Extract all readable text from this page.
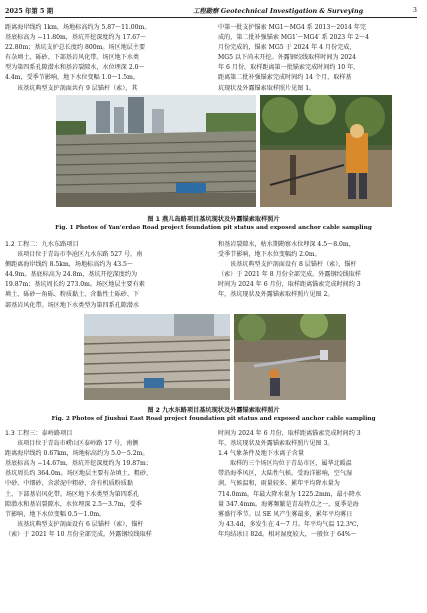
2025 年第 5 期	工程勘察 Geotechnical Investigation & Surveying	3

距离海岸线约 1km，场地标高约为 5.87～11.00m。

基底标高为 −11.80m，基坑开挖深度约为 17.67～

22.80m；基坑支护总长度约 800m。场区地层主要

有杂填土、砾砂、下部基岩风化带。场区地下水类

型为第四系孔隙潜水和基岩裂隙水，水位埋深 2.0～

4.4m，受季节影响，地下水位变幅 1.0～1.5m。

该基坑典型支护剖面共有 9 层锚杆（索），其

中第一批支护锚索 MG1～MG4 系 2013～2014 年完

成的，第二批补强锚索 MG1′～MG4′ 系 2023 年 2～4

月份完成的，锚索 MG5 于 2024 年 4 月份完成，

MG5 以下尚未开挖。外露钢绞线取样时间为 2024

年 6 月份，取样距离第一批锚索完成时间约 10 年，

距离第二批补强锚索完成时间约 14 个月，取样基

坑现状及外露锚索取样照片见图 1。

图 1 燕儿岛路项目基坑现状及外露锚索取样照片
Fig. 1 Photos of Yan'erdao Road project foundation pit status and exposed anchor cable sampling

1.2 工程二：九水东路项目

该项目位于青岛市李沧区九水东路 527 号，南

侧距离海岸线约 8.5km，场地标高约为 43.5～

44.9m。基底标高为 24.8m，基坑开挖深度约为

19.87m；基坑周长约 273.0m。场区地层主要有素

填土、砾砂～角砾、粉质黏土、含黏性土砾砂、下

部基岩风化带。场区地下水类型为第四系孔隙潜水

和基岩裂隙水，枯水期勘察水位埋深 4.5～8.0m，

受季节影响，地下水位变幅约 2.0m。

该基坑典型支护剖面设有 8 层锚杆（索），锚杆

（索）于 2021 年 8 月份全部完成。外露钢绞线取样

时间为 2024 年 6 月份，取样距离锚索完成时间约 3

年，基坑现状及外露锚索取样照片见图 2。

图 2 九水东路项目基坑现状及外露锚索取样照片
Fig. 2 Photos of Jiushui East Road project foundation pit status and exposed anchor cable sampling

1.3 工程三：泰岭路项目

该项目位于青岛市崂山区泰岭路 17 号，南侧

距离海岸线约 0.67km，场地标高约为 5.0～5.2m。

基底标高为 −14.67m，基坑开挖深度约为 19.87m；

基坑周长约 364.0m。场区地层主要有杂填土、粗砂、

中砂、中细砂、含淤泥中粗砂、含有机质粉质黏

土、下部基岩风化带。场区地下水类型为第四系孔

隙潜水和基岩裂隙水，水位埋深 2.5～3.7m，受季

节影响，地下水位变幅 0.5～1.0m。

该基坑典型支护剖面设有 6 层锚杆（索），锚杆

（索）于 2021 年 10 月份全部完成。外露钢绞线取样

时间为 2024 年 6 月份，取样距离锚索完成时间约 3

年，基坑现状及外露锚索取样照片见图 3。

1.4 气象条件及地下水离子含量

取样的三个场区均位于青岛市区，属华北暖温

带沿海季风区，大陆性气候。受海洋影响，空气湿

润，气候温和，雨量较多，累年平均降水量为

714.0mm，年最大降水量为 1225.2mm，最小降水

量 347.4mm。海雾频繁是青岛特点之一，夏季是海

雾盛行季节。以 SE 风产生雾最多，累年平均雾日

为 43.4d，多发生在 4～7 月。年平均气温 12.3℃，

年均结冰日 82d。相对湿度较大，一般位于 64%～
